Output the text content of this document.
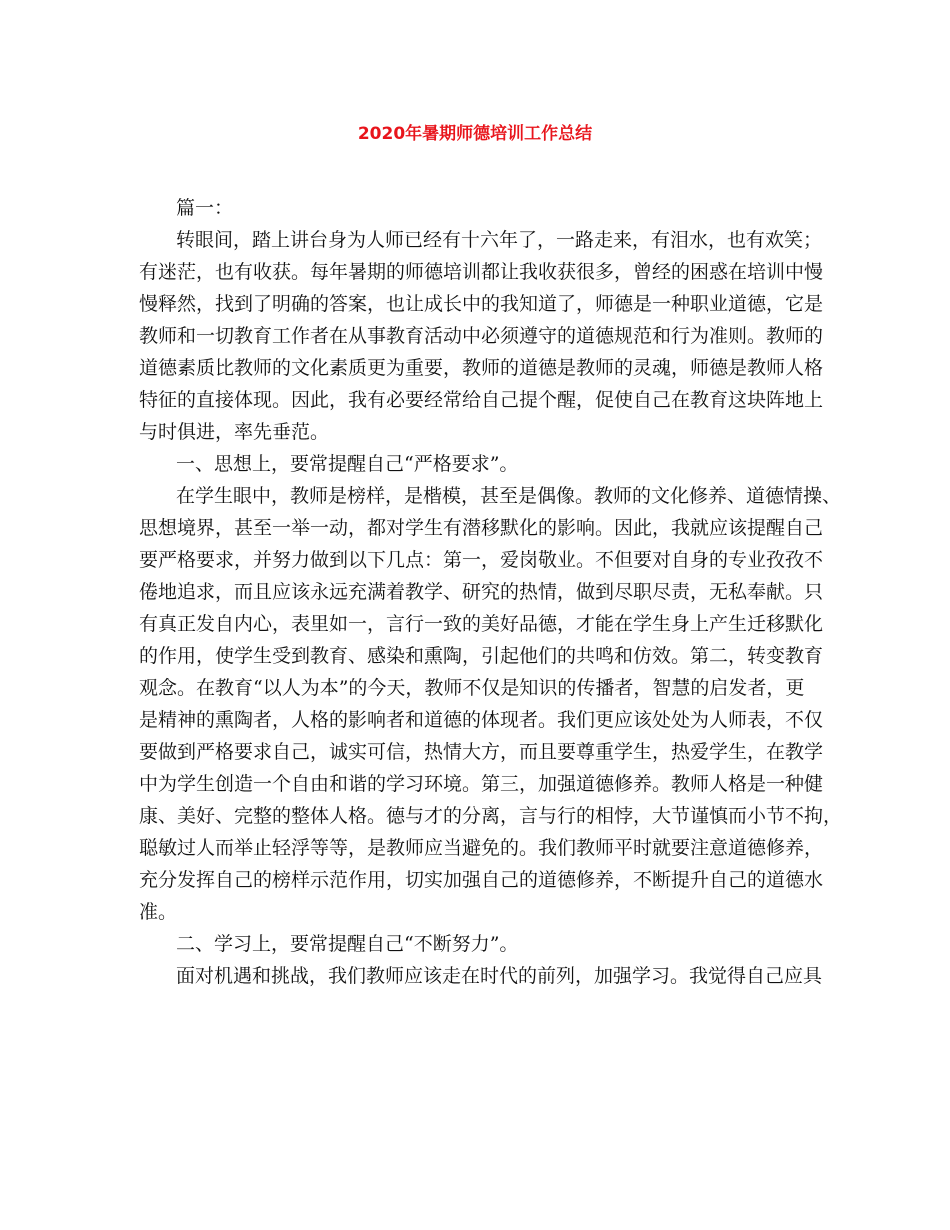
2020年暑期师德培训工作总结
篇一：
转眼间，踏上讲台身为人师已经有十六年了，一路走来，有泪水，也有欢笑；
有迷茫，也有收获。每年暑期的师德培训都让我收获很多，曾经的困惑在培训中慢
慢释然，找到了明确的答案，也让成长中的我知道了，师德是一种职业道德，它是
教师和一切教育工作者在从事教育活动中必须遵守的道德规范和行为准则。教师的
道德素质比教师的文化素质更为重要，教师的道德是教师的灵魂，师德是教师人格
特征的直接体现。因此，我有必要经常给自己提个醒，促使自己在教育这块阵地上
与时俱进，率先垂范。
一、思想上，要常提醒自己“严格要求”。
在学生眼中，教师是榜样，是楷模，甚至是偶像。教师的文化修养、道德情操、
思想境界，甚至一举一动，都对学生有潜移默化的影响。因此，我就应该提醒自己
要严格要求，并努力做到以下几点：第一，爱岗敬业。不但要对自身的专业孜孜不
倦地追求，而且应该永远充满着教学、研究的热情，做到尽职尽责，无私奉献。只
有真正发自内心，表里如一，言行一致的美好品德，才能在学生身上产生迁移默化
的作用，使学生受到教育、感染和熏陶，引起他们的共鸣和仿效。第二，转变教育
观念。在教育“以人为本”的今天，教师不仅是知识的传播者，智慧的启发者，更
是精神的熏陶者，人格的影响者和道德的体现者。我们更应该处处为人师表，不仅
要做到严格要求自己，诚实可信，热情大方，而且要尊重学生，热爱学生，在教学
中为学生创造一个自由和谐的学习环境。第三，加强道德修养。教师人格是一种健
康、美好、完整的整体人格。德与才的分离，言与行的相悖，大节谨慎而小节不拘，
聪敏过人而举止轻浮等等，是教师应当避免的。我们教师平时就要注意道德修养，
充分发挥自己的榜样示范作用，切实加强自己的道德修养，不断提升自己的道德水
准。
二、学习上，要常提醒自己“不断努力”。
面对机遇和挑战，我们教师应该走在时代的前列，加强学习。我觉得自己应具
